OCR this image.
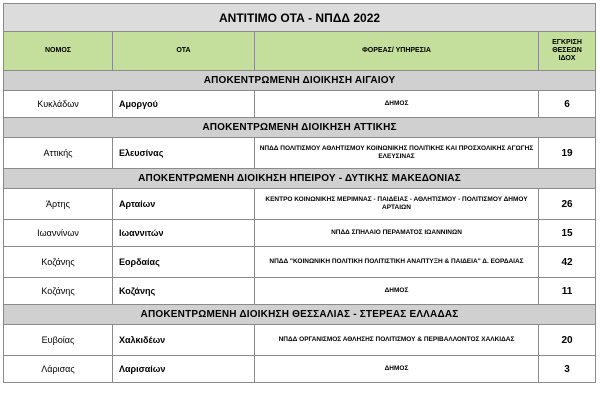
ΑΝΤΙΤΙΜΟ ΟΤΑ - ΝΠΔΔ 2022			
ΝΟΜΟΣ	ΟΤΑ	ΦΟΡΕΑΣ/ ΥΠΗΡΕΣΙΑ	ΕΓΚΡΙΣΗ ΘΕΣΕΩΝ ΙΔΟΧ
ΑΠΟΚΕΝΤΡΩΜΕΝΗ ΔΙΟΙΚΗΣΗ ΑΙΓΑΙΟΥ			
Κυκλάδων	Αμοργού	ΔΗΜΟΣ	6
ΑΠΟΚΕΝΤΡΩΜΕΝΗ ΔΙΟΙΚΗΣΗ ΑΤΤΙΚΗΣ			
Αττικής	Ελευσίνας	ΝΠΔΔ ΠΟΛΙΤΙΣΜΟΥ ΑΘΛΗΤΙΣΜΟΥ ΚΟΙΝΩΝΙΚΗΣ ΠΟΛΙΤΙΚΗΣ ΚΑΙ ΠΡΟΣΧΟΛΙΚΗΣ ΑΓΩΓΗΣ ΕΛΕΥΣΙΝΑΣ	19
ΑΠΟΚΕΝΤΡΩΜΕΝΗ ΔΙΟΙΚΗΣΗ ΗΠΕΙΡΟΥ - ΔΥΤΙΚΗΣ ΜΑΚΕΔΟΝΙΑΣ			
Άρτης	Αρταίων	ΚΕΝΤΡΟ ΚΟΙΝΩΝΙΚΗΣ ΜΕΡΙΜΝΑΣ - ΠΑΙΔΕΙΑΣ - ΑΘΛΗΤΙΣΜΟΥ - ΠΟΛΙΤΙΣΜΟΥ ΔΗΜΟΥ ΑΡΤΑΙΩΝ	26
Ιωαννίνων	Ιωαννιτών	ΝΠΔΔ ΣΠΗΛΑΙΟ ΠΕΡΑΜΑΤΟΣ ΙΩΑΝΝΙΝΩΝ	15
Κοζάνης	Εορδαίας	ΝΠΔΔ "ΚΟΙΝΩΝΙΚΗ ΠΟΛΙΤΙΚΗ ΠΟΛΙΤΙΣΤΙΚΗ ΑΝΑΠΤΥΞΗ & ΠΑΙΔΕΙΑ" Δ. ΕΟΡΔΑΙΑΣ	42
Κοζάνης	Κοζάνης	ΔΗΜΟΣ	11
ΑΠΟΚΕΝΤΡΩΜΕΝΗ ΔΙΟΙΚΗΣΗ ΘΕΣΣΑΛΙΑΣ - ΣΤΕΡΕΑΣ ΕΛΛΑΔΑΣ			
Ευβοίας	Χαλκιδέων	ΝΠΔΔ ΟΡΓΑΝΙΣΜΟΣ ΑΘΛΗΣΗΣ ΠΟΛΙΤΙΣΜΟΥ & ΠΕΡΙΒΑΛΛΟΝΤΟΣ ΧΑΛΚΙΔΑΣ	20
Λάρισας	Λαρισαίων	ΔΗΜΟΣ	3
